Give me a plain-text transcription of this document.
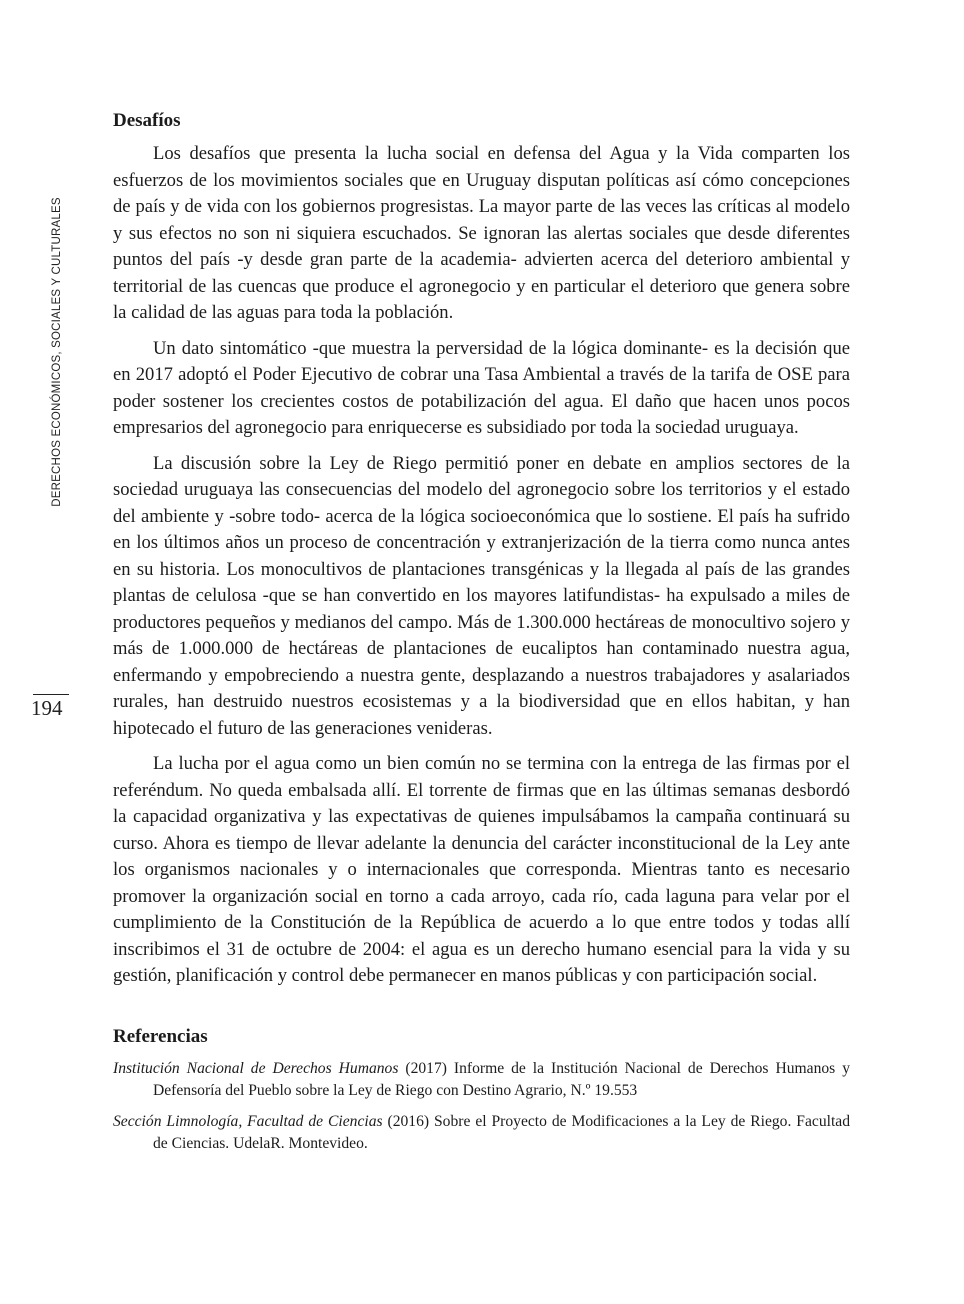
DERECHOS ECONÓMICOS, SOCIALES Y CULTURALES
194
Desafíos

Los desafíos que presenta la lucha social en defensa del Agua y la Vida comparten los esfuerzos de los movimientos sociales que en Uruguay disputan políticas así cómo concepciones de país y de vida con los gobiernos progresistas. La mayor parte de las veces las críticas al modelo y sus efectos no son ni siquiera escuchados. Se ignoran las alertas sociales que desde diferentes puntos del país -y desde gran parte de la academia- advierten acerca del deterioro ambiental y territorial de las cuencas que produce el agronegocio y en particular el deterioro que genera sobre la calidad de las aguas para toda la población.

Un dato sintomático -que muestra la perversidad de la lógica dominante- es la decisión que en 2017 adoptó el Poder Ejecutivo de cobrar una Tasa Ambiental a través de la tarifa de OSE para poder sostener los crecientes costos de potabilización del agua. El daño que hacen unos pocos empresarios del agronegocio para enriquecerse es subsidiado por toda la sociedad uruguaya.

La discusión sobre la Ley de Riego permitió poner en debate en amplios sectores de la sociedad uruguaya las consecuencias del modelo del agronegocio sobre los territorios y el estado del ambiente y -sobre todo- acerca de la lógica socioeconómica que lo sostiene. El país ha sufrido en los últimos años un proceso de concentración y extranjerización de la tierra como nunca antes en su historia. Los monocultivos de plantaciones transgénicas y la llegada al país de las grandes plantas de celulosa -que se han convertido en los mayores latifundistas- ha expulsado a miles de productores pequeños y medianos del campo. Más de 1.300.000 hectáreas de monocultivo sojero y más de 1.000.000 de hectáreas de plantaciones de eucaliptos han contaminado nuestra agua, enfermando y empobreciendo a nuestra gente, desplazando a nuestros trabajadores y asalariados rurales, han destruido nuestros ecosistemas y a la biodiversidad que en ellos habitan, y han hipotecado el futuro de las generaciones venideras.

La lucha por el agua como un bien común no se termina con la entrega de las firmas por el referéndum. No queda embalsada allí. El torrente de firmas que en las últimas semanas desbordó la capacidad organizativa y las expectativas de quienes impulsábamos la campaña continuará su curso. Ahora es tiempo de llevar adelante la denuncia del carácter inconstitucional de la Ley ante los organismos nacionales y o internacionales que corresponda. Mientras tanto es necesario promover la organización social en torno a cada arroyo, cada río, cada laguna para velar por el cumplimiento de la Constitución de la República de acuerdo a lo que entre todos y todas allí inscribimos el 31 de octubre de 2004: el agua es un derecho humano esencial para la vida y su gestión, planificación y control debe permanecer en manos públicas y con participación social.

Referencias
Institución Nacional de Derechos Humanos (2017) Informe de la Institución Nacional de Derechos Humanos y Defensoría del Pueblo sobre la Ley de Riego con Destino Agrario, N.º 19.553
Sección Limnología, Facultad de Ciencias (2016) Sobre el Proyecto de Modificaciones a la Ley de Riego. Facultad de Ciencias. UdelaR. Montevideo.
